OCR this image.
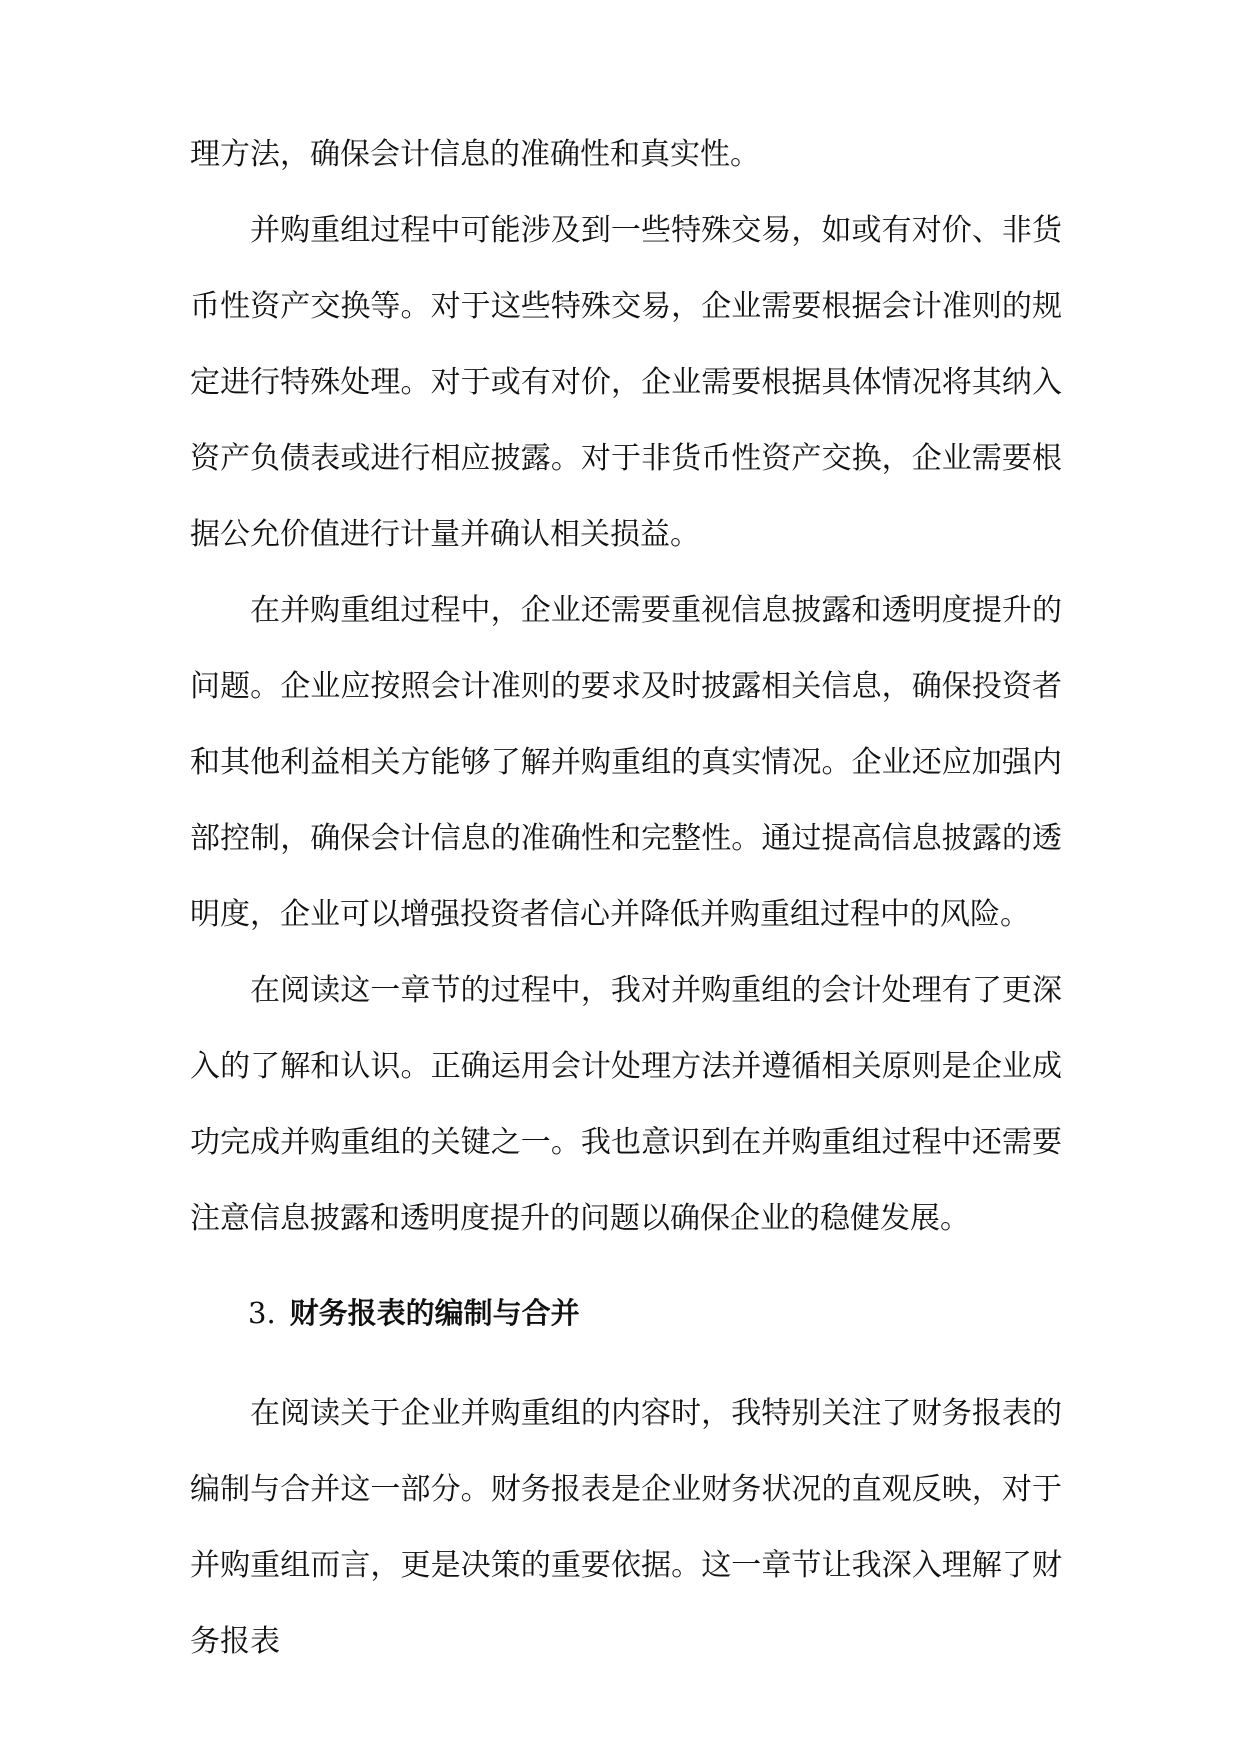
理方法，确保会计信息的准确性和真实性。

并购重组过程中可能涉及到一些特殊交易，如或有对价、非货币性资产交换等。对于这些特殊交易，企业需要根据会计准则的规定进行特殊处理。对于或有对价，企业需要根据具体情况将其纳入资产负债表或进行相应披露。对于非货币性资产交换，企业需要根据公允价值进行计量并确认相关损益。

在并购重组过程中，企业还需要重视信息披露和透明度提升的问题。企业应按照会计准则的要求及时披露相关信息，确保投资者和其他利益相关方能够了解并购重组的真实情况。企业还应加强内部控制，确保会计信息的准确性和完整性。通过提高信息披露的透明度，企业可以增强投资者信心并降低并购重组过程中的风险。

在阅读这一章节的过程中，我对并购重组的会计处理有了更深入的了解和认识。正确运用会计处理方法并遵循相关原则是企业成功完成并购重组的关键之一。我也意识到在并购重组过程中还需要注意信息披露和透明度提升的问题以确保企业的稳健发展。

3. 财务报表的编制与合并

在阅读关于企业并购重组的内容时，我特别关注了财务报表的编制与合并这一部分。财务报表是企业财务状况的直观反映，对于并购重组而言，更是决策的重要依据。这一章节让我深入理解了财务报表
